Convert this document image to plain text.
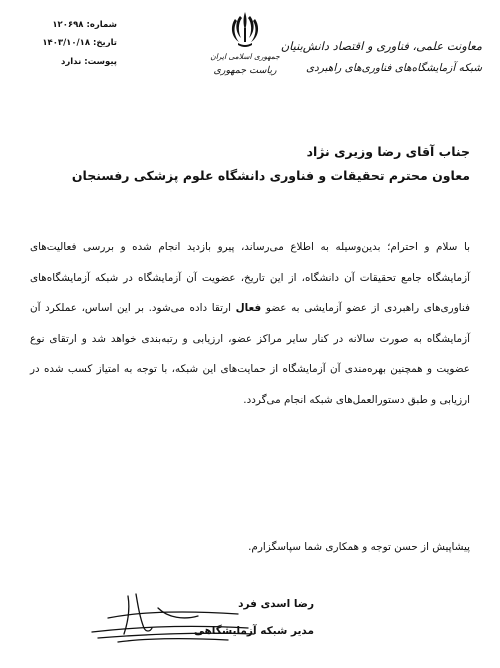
معاونت علمی، فناوری و اقتصاد دانش‌بنیان
شبکه آزمایشگاه‌های فناوری‌های راهبردی
جمهوری اسلامی ایران
ریاست جمهوری
شماره: ۱۲۰۶۹۸
تاریخ: ۱۴۰۳/۱۰/۱۸
پیوست: ندارد
جناب آقای رضا وزیری نژاد
معاون محترم تحقیقات و فناوری دانشگاه علوم پزشکی رفسنجان

با سلام و احترام؛ بدین‌وسیله به اطلاع می‌رساند، پیرو بازدید انجام شده و بررسی فعالیت‌های آزمایشگاه جامع تحقیقات آن دانشگاه، از این تاریخ، عضویت آن آزمایشگاه در شبکه آزمایشگاه‌های فناوری‌های راهبردی از عضو آزمایشی به عضو فعال ارتقا داده می‌شود. بر این اساس، عملکرد آن آزمایشگاه به صورت سالانه در کنار سایر مراکز عضو، ارزیابی و رتبه‌بندی خواهد شد و ارتقای نوع عضویت و همچنین بهره‌مندی آن آزمایشگاه از حمایت‌های این شبکه، با توجه به امتیاز کسب شده در ارزیابی و طبق دستورالعمل‌های شبکه انجام می‌گردد.

پیشاپیش از حسن توجه و همکاری شما سپاسگزارم.
رضا اسدی فرد
مدیر شبکه آزمایشگاهی
